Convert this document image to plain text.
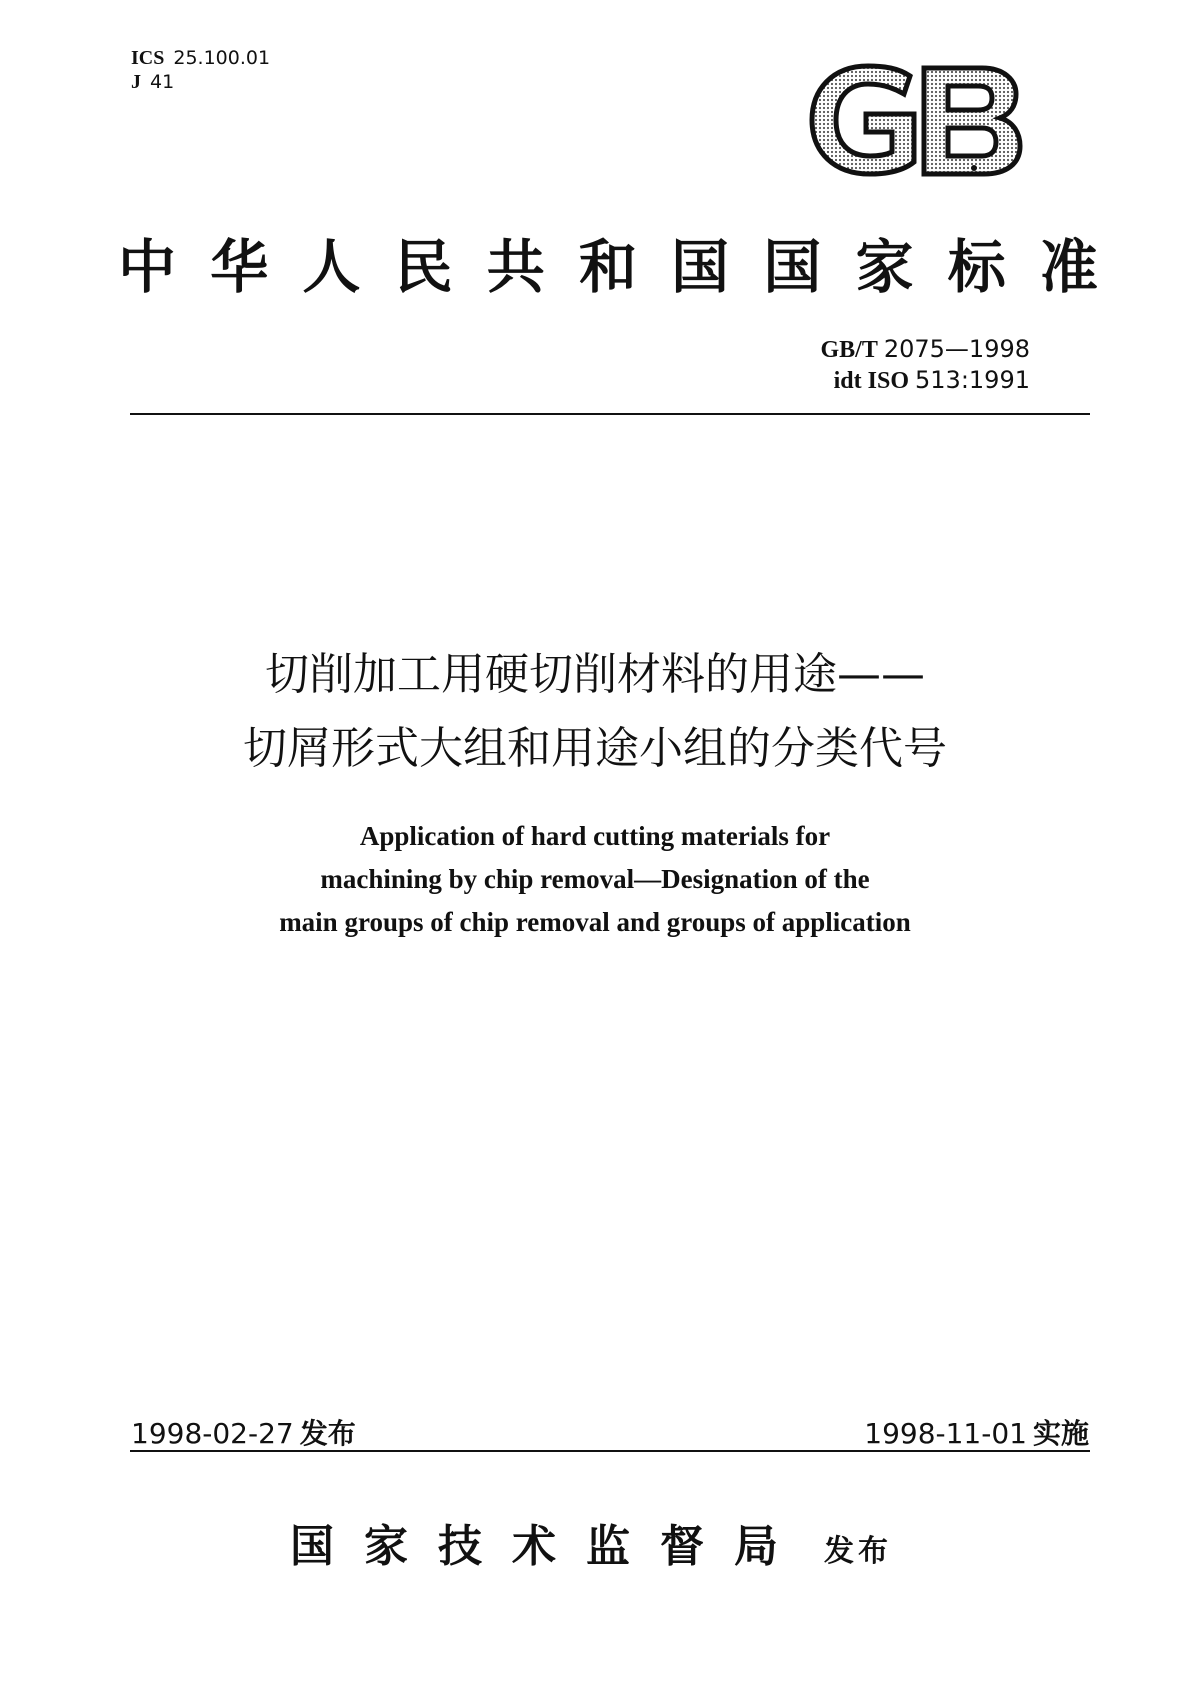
ICS 25.100.01
J 41
中 华 人 民 共 和 国 国 家 标 准
GB/T 2075—1998
idt ISO 513:1991
切削加工用硬切削材料的用途——
切屑形式大组和用途小组的分类代号
Application of hard cutting materials for
machining by chip removal—Designation of the
main groups of chip removal and groups of application
1998-02-27 发布	1998-11-01 实施
国家技术监督局 发布
